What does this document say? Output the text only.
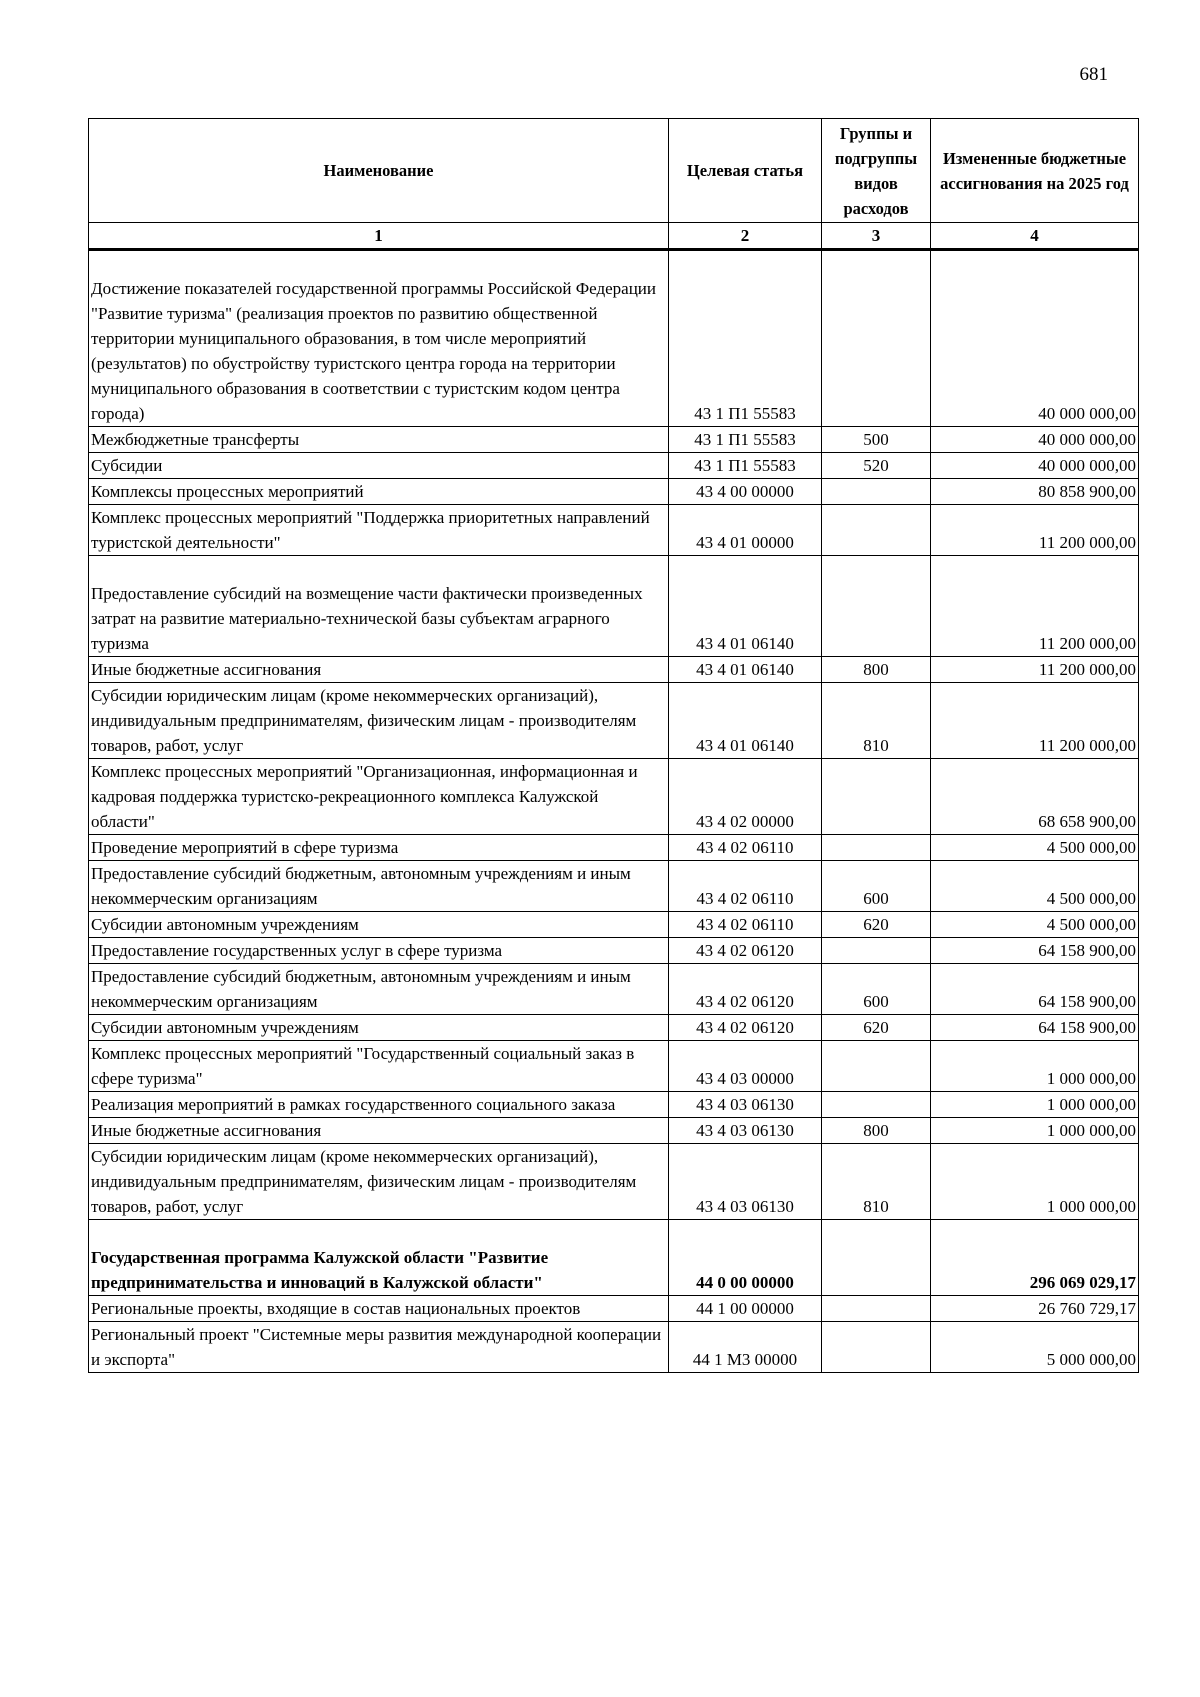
681
Наименование	Целевая статья	Группы и подгруппы видов расходов	Измененные бюджетные ассигнования на 2025 год
1	2	3	4
Достижение показателей государственной программы Российской Федерации "Развитие туризма" (реализация проектов по развитию общественной территории муниципального образования, в том числе мероприятий (результатов) по обустройству туристского центра города на территории муниципального образования в соответствии с туристским кодом центра города)	43 1 П1 55583		40 000 000,00
Межбюджетные трансферты	43 1 П1 55583	500	40 000 000,00
Субсидии	43 1 П1 55583	520	40 000 000,00
Комплексы процессных мероприятий	43 4 00 00000		80 858 900,00
Комплекс процессных мероприятий "Поддержка приоритетных направлений туристской деятельности"	43 4 01 00000		11 200 000,00
Предоставление субсидий на возмещение части фактически произведенных затрат на развитие материально-технической базы субъектам аграрного туризма	43 4 01 06140		11 200 000,00
Иные бюджетные ассигнования	43 4 01 06140	800	11 200 000,00
Субсидии юридическим лицам (кроме некоммерческих организаций), индивидуальным предпринимателям, физическим лицам - производителям товаров, работ, услуг	43 4 01 06140	810	11 200 000,00
Комплекс процессных мероприятий "Организационная, информационная и кадровая поддержка туристско-рекреационного комплекса Калужской области"	43 4 02 00000		68 658 900,00
Проведение мероприятий в сфере туризма	43 4 02 06110		4 500 000,00
Предоставление субсидий бюджетным, автономным учреждениям и иным некоммерческим организациям	43 4 02 06110	600	4 500 000,00
Субсидии автономным учреждениям	43 4 02 06110	620	4 500 000,00
Предоставление государственных услуг в сфере туризма	43 4 02 06120		64 158 900,00
Предоставление субсидий бюджетным, автономным учреждениям и иным некоммерческим организациям	43 4 02 06120	600	64 158 900,00
Субсидии автономным учреждениям	43 4 02 06120	620	64 158 900,00
Комплекс процессных мероприятий "Государственный социальный заказ в сфере туризма"	43 4 03 00000		1 000 000,00
Реализация мероприятий в рамках государственного социального заказа	43 4 03 06130		1 000 000,00
Иные бюджетные ассигнования	43 4 03 06130	800	1 000 000,00
Субсидии юридическим лицам (кроме некоммерческих организаций), индивидуальным предпринимателям, физическим лицам - производителям товаров, работ, услуг	43 4 03 06130	810	1 000 000,00
Государственная программа Калужской области "Развитие предпринимательства и инноваций в Калужской области"	44 0 00 00000		296 069 029,17
Региональные проекты, входящие в состав национальных проектов	44 1 00 00000		26 760 729,17
Региональный проект "Системные меры развития международной кооперации и экспорта"	44 1 М3 00000		5 000 000,00
